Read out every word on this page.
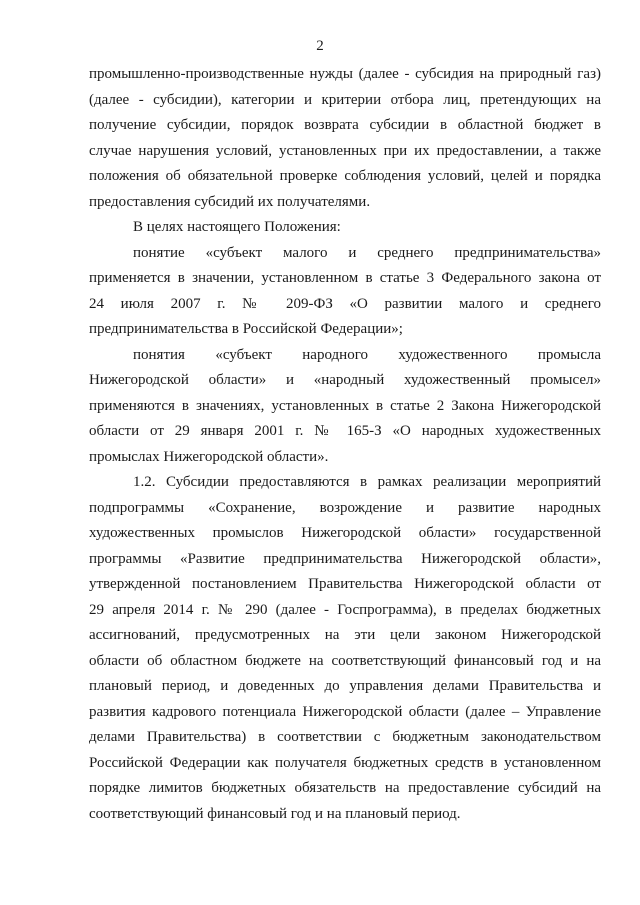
2
промышленно-производственные нужды (далее - субсидия на природный газ)
(далее - субсидии), категории и критерии отбора лиц, претендующих на
получение субсидии, порядок возврата субсидии в областной бюджет в
случае нарушения условий, установленных при их предоставлении, а также
положения об обязательной проверке соблюдения условий, целей и порядка
предоставления субсидий их получателями.
В целях настоящего Положения:
понятие «субъект малого и среднего предпринимательства»
применяется в значении, установленном в статье 3 Федерального закона от
24 июля 2007 г. № 209-ФЗ «О развитии малого и среднего
предпринимательства в Российской Федерации»;
понятия «субъект народного художественного промысла
Нижегородской области» и «народный художественный промысел»
применяются в значениях, установленных в статье 2 Закона Нижегородской
области от 29 января 2001 г. № 165-З «О народных художественных
промыслах Нижегородской области».
1.2. Субсидии предоставляются в рамках реализации мероприятий
подпрограммы «Сохранение, возрождение и развитие народных
художественных промыслов Нижегородской области» государственной
программы «Развитие предпринимательства Нижегородской области»,
утвержденной постановлением Правительства Нижегородской области от
29 апреля 2014 г. № 290 (далее - Госпрограмма), в пределах бюджетных
ассигнований, предусмотренных на эти цели законом Нижегородской
области об областном бюджете на соответствующий финансовый год и на
плановый период, и доведенных до управления делами Правительства и
развития кадрового потенциала Нижегородской области (далее – Управление
делами Правительства) в соответствии с бюджетным законодательством
Российской Федерации как получателя бюджетных средств в установленном
порядке лимитов бюджетных обязательств на предоставление субсидий на
соответствующий финансовый год и на плановый период.
